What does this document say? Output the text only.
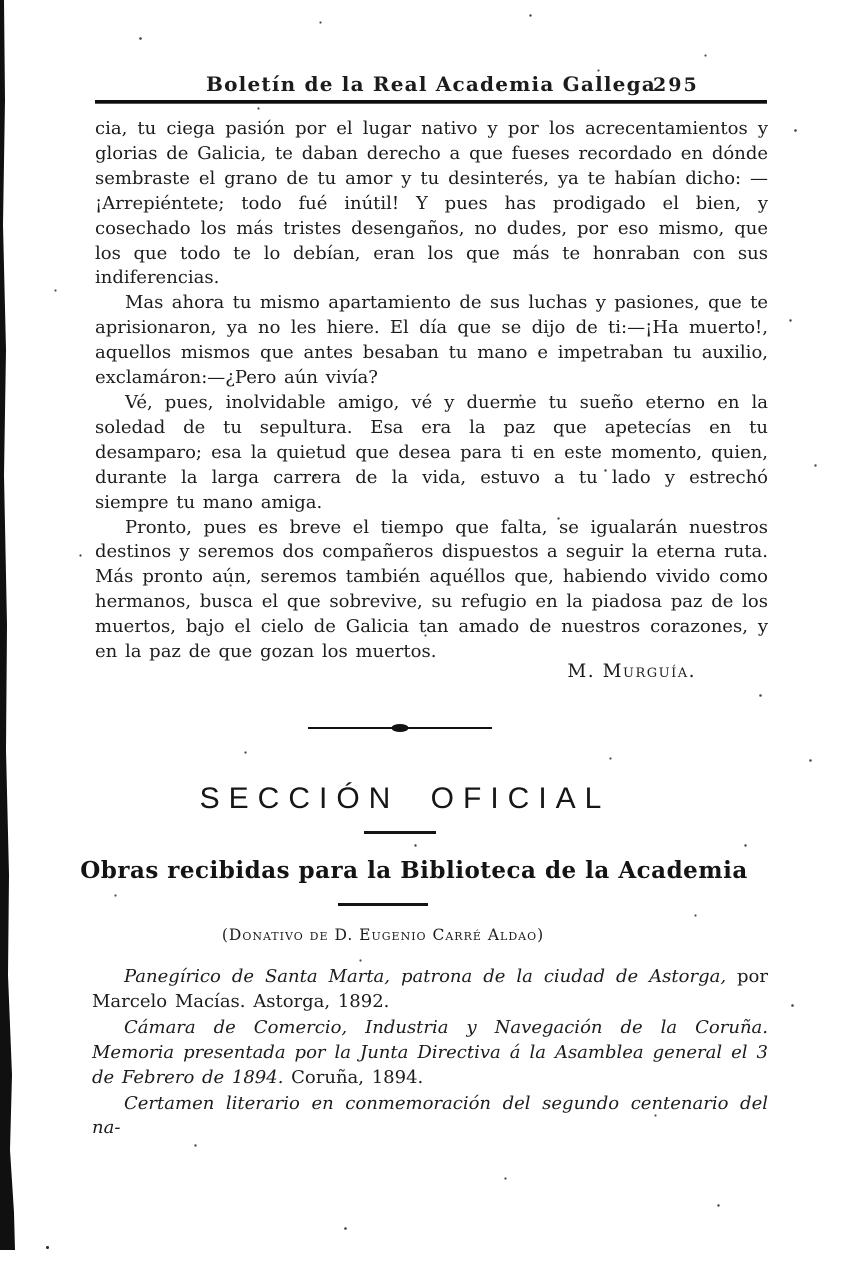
Boletín de la Real Academia Gallega
295

cia, tu ciega pasión por el lugar nativo y por los acrecentamientos y glorias de Galicia, te daban derecho a que fueses recordado en dónde sembraste el grano de tu amor y tu desinterés, ya te habían dicho: —¡Arrepiéntete; todo fué inútil! Y pues has prodigado el bien, y cosechado los más tristes desengaños, no dudes, por eso mismo, que los que todo te lo debían, eran los que más te honraban con sus indiferencias.

Mas ahora tu mismo apartamiento de sus luchas y pasiones, que te aprisionaron, ya no les hiere. El día que se dijo de ti:—¡Ha muerto!, aquellos mismos que antes besaban tu mano e impetraban tu auxilio, exclamáron:—¿Pero aún vivía?

Vé, pues, inolvidable amigo, vé y duerme tu sueño eterno en la soledad de tu sepultura. Esa era la paz que apetecías en tu desamparo; esa la quietud que desea para ti en este momento, quien, durante la larga carrera de la vida, estuvo a tu lado y estrechó siempre tu mano amiga.

Pronto, pues es breve el tiempo que falta, se igualarán nuestros destinos y seremos dos compañeros dispuestos a seguir la eterna ruta. Más pronto aún, seremos también aquéllos que, habiendo vivido como hermanos, busca el que sobrevive, su refugio en la piadosa paz de los muertos, bajo el cielo de Galicia tan amado de nuestros corazones, y en la paz de que gozan los muertos.

M. Murguía.
SECCIÓN OFICIAL
Obras recibidas para la Biblioteca de la Academia
(Donativo de D. Eugenio Carré Aldao)

Panegírico de Santa Marta, patrona de la ciudad de Astorga, por Marcelo Macías. Astorga, 1892.

Cámara de Comercio, Industria y Navegación de la Coruña. Memoria presentada por la Junta Directiva á la Asamblea general el 3 de Febrero de 1894. Coruña, 1894.

Certamen literario en conmemoración del segundo centenario del na-
